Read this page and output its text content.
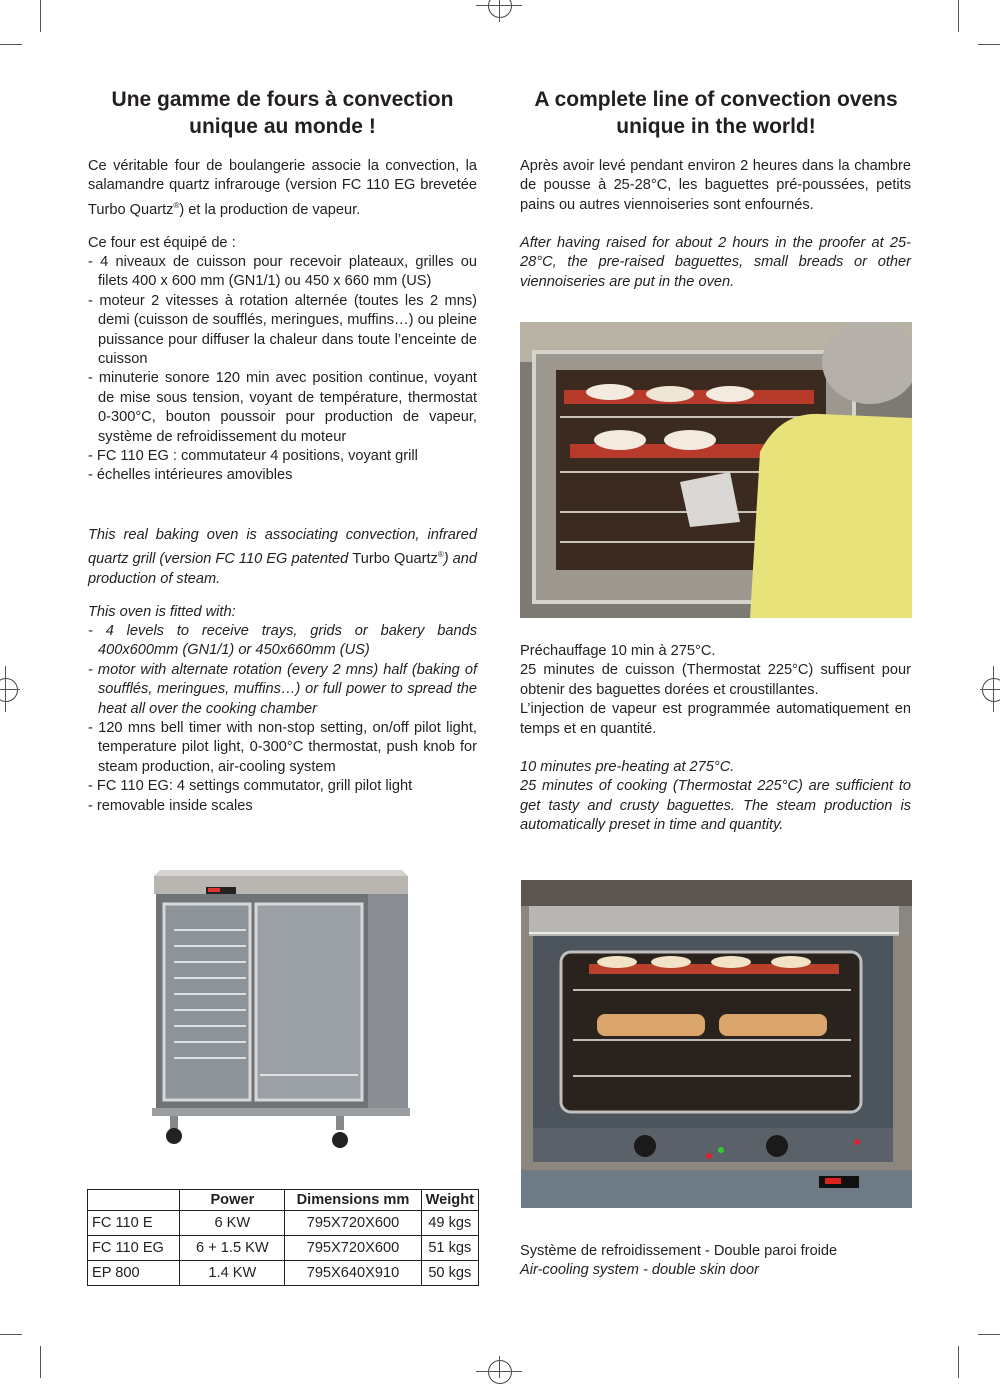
Une gamme de fours à convection
unique au monde !

Ce véritable four de boulangerie associe la convection, la salamandre quartz infrarouge (version FC 110 EG brevetée Turbo Quartz®) et la production de vapeur.

Ce four est équipé de :

- 4 niveaux de cuisson pour recevoir plateaux, grilles ou filets 400 x 600 mm (GN1/1) ou 450 x 660 mm (US)
- moteur 2 vitesses à rotation alternée (toutes les 2 mns) demi (cuisson de soufflés, meringues, muffins…) ou pleine puissance pour diffuser la chaleur dans toute l’enceinte de cuisson
- minuterie sonore 120 min avec position continue, voyant de mise sous tension, voyant de température, thermostat 0-300°C, bouton poussoir pour production de vapeur, système de refroidissement du moteur
- FC 110 EG : commutateur 4 positions, voyant grill
- échelles intérieures amovibles

This real baking oven is associating convection, infrared quartz grill (version FC 110 EG patented Turbo Quartz®) and production of steam.

This oven is fitted with:

- 4 levels to receive trays, grids or bakery bands 400x600mm (GN1/1) or 450x660mm (US)
- motor with alternate rotation (every 2 mns) half (baking of soufflés, meringues, muffins…) or full power to spread the heat all over the cooking chamber
- 120 mns bell timer with non-stop setting, on/off pilot light, temperature pilot light, 0-300°C thermostat, push knob for steam production, air-cooling system
- FC 110 EG: 4 settings commutator, grill pilot light
- removable inside scales
	Power	Dimensions mm	Weight
FC 110 E	6 KW	795X720X600	49 kgs
FC 110 EG	6 + 1.5 KW	795X720X600	51 kgs
EP 800	1.4 KW	795X640X910	50 kgs
A complete line of convection ovens
unique in the world!

Après avoir levé pendant environ 2 heures dans la chambre de pousse à 25-28°C, les baguettes pré-poussées, petits pains ou autres viennoiseries sont enfournés.

After having raised for about 2 hours in the proofer at 25-28°C, the pre-raised baguettes, small breads or other viennoiseries are put in the oven.

Préchauffage 10 min à 275°C.
25 minutes de cuisson (Thermostat 225°C) suffisent pour obtenir des baguettes dorées et croustillantes.
L’injection de vapeur est programmée automatiquement en temps et en quantité.

10 minutes pre-heating at 275°C.
25 minutes of cooking (Thermostat 225°C) are sufficient to get tasty and crusty baguettes. The steam production is automatically preset in time and quantity.

Système de refroidissement - Double paroi froide
Air-cooling system - double skin door
